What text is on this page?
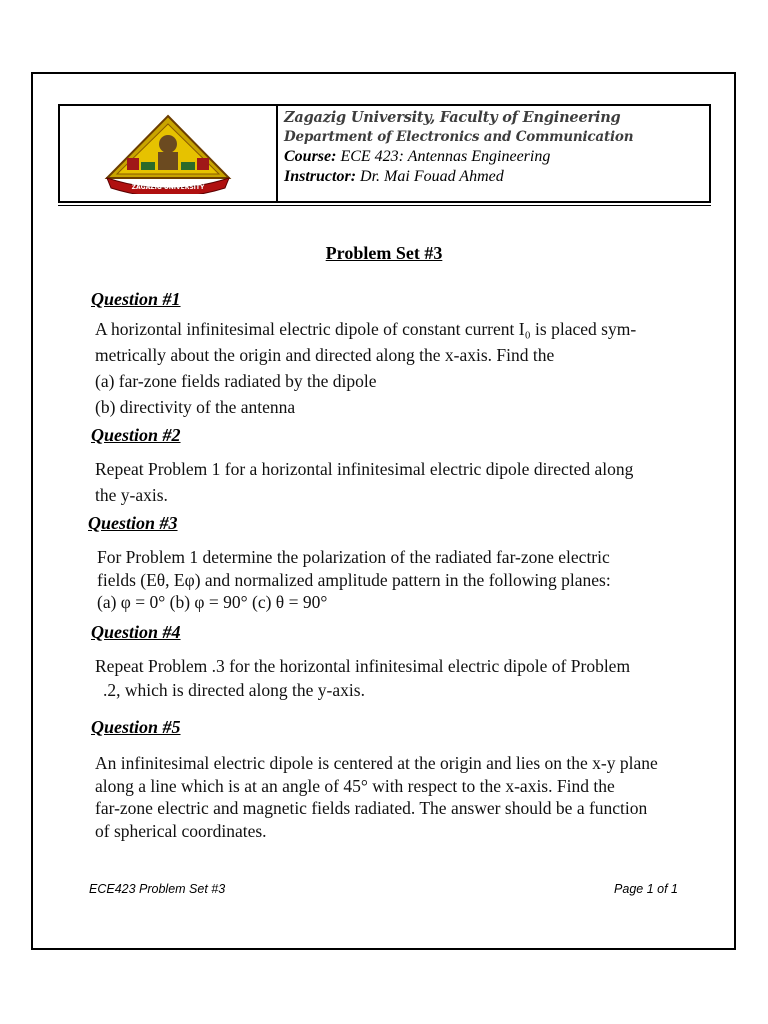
ZAGAZIG UNIVERSITY
Zagazig University, Faculty of Engineering
Department of Electronics and Communication
Course: ECE 423: Antennas Engineering
Instructor: Dr. Mai Fouad Ahmed
Problem Set #3
Question #1
A horizontal infinitesimal electric dipole of constant current I₀ is placed sym-
metrically about the origin and directed along the x-axis. Find the
(a) far-zone fields radiated by the dipole
(b) directivity of the antenna
Question #2
Repeat Problem 1 for a horizontal infinitesimal electric dipole directed along
the y-axis.
Question #3
For Problem 1 determine the polarization of the radiated far-zone electric
fields (Eθ, Eφ) and normalized amplitude pattern in the following planes:
(a) φ = 0° (b) φ = 90° (c) θ = 90°
Question #4
Repeat Problem .3 for the horizontal infinitesimal electric dipole of Problem
.2, which is directed along the y-axis.
Question #5
An infinitesimal electric dipole is centered at the origin and lies on the x-y plane
along a line which is at an angle of 45° with respect to the x-axis. Find the
far-zone electric and magnetic fields radiated. The answer should be a function
of spherical coordinates.
ECE423 Problem Set #3	Page 1 of 1
